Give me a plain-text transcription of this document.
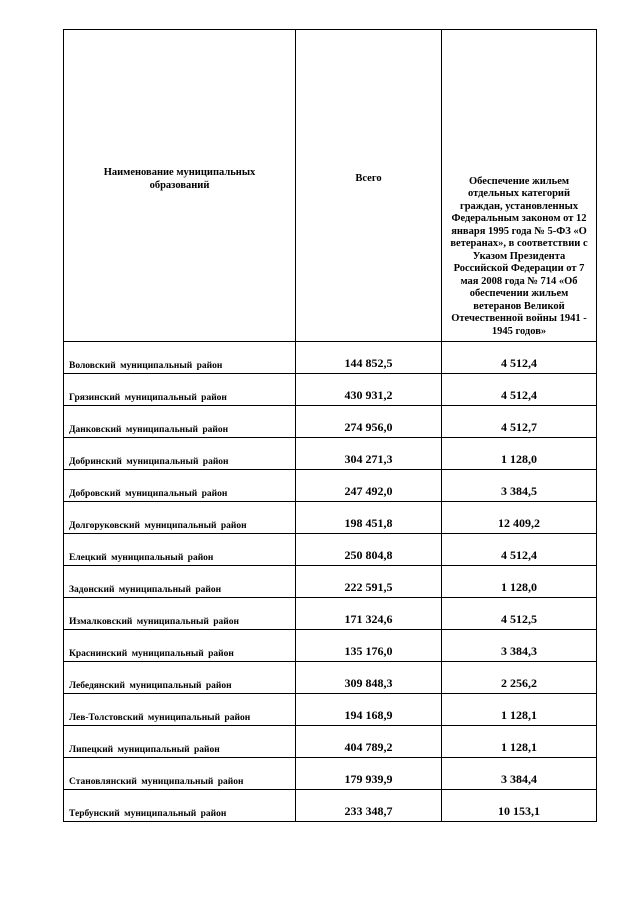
Наименование муниципальных образований	Всего	Обеспечение жильем отдельных категорий граждан, установленных Федеральным законом от 12 января 1995 года № 5-ФЗ «О ветеранах», в соответствии с Указом Президента Российской Федерации от 7 мая 2008 года № 714 «Об обеспечении жильем ветеранов Великой Отечественной войны 1941 - 1945 годов»

Воловский муниципальный район	144 852,5	4 512,4
Грязинский муниципальный район	430 931,2	4 512,4
Данковский муниципальный район	274 956,0	4 512,7
Добринский муниципальный район	304 271,3	1 128,0
Добровский муниципальный район	247 492,0	3 384,5
Долгоруковский муниципальный район	198 451,8	12 409,2
Елецкий муниципальный район	250 804,8	4 512,4
Задонский муниципальный район	222 591,5	1 128,0
Измалковский муниципальный район	171 324,6	4 512,5
Краснинский муниципальный район	135 176,0	3 384,3
Лебедянский муниципальный район	309 848,3	2 256,2
Лев-Толстовский муниципальный район	194 168,9	1 128,1
Липецкий муниципальный район	404 789,2	1 128,1
Становлянский муниципальный район	179 939,9	3 384,4
Тербунский муниципальный район	233 348,7	10 153,1
